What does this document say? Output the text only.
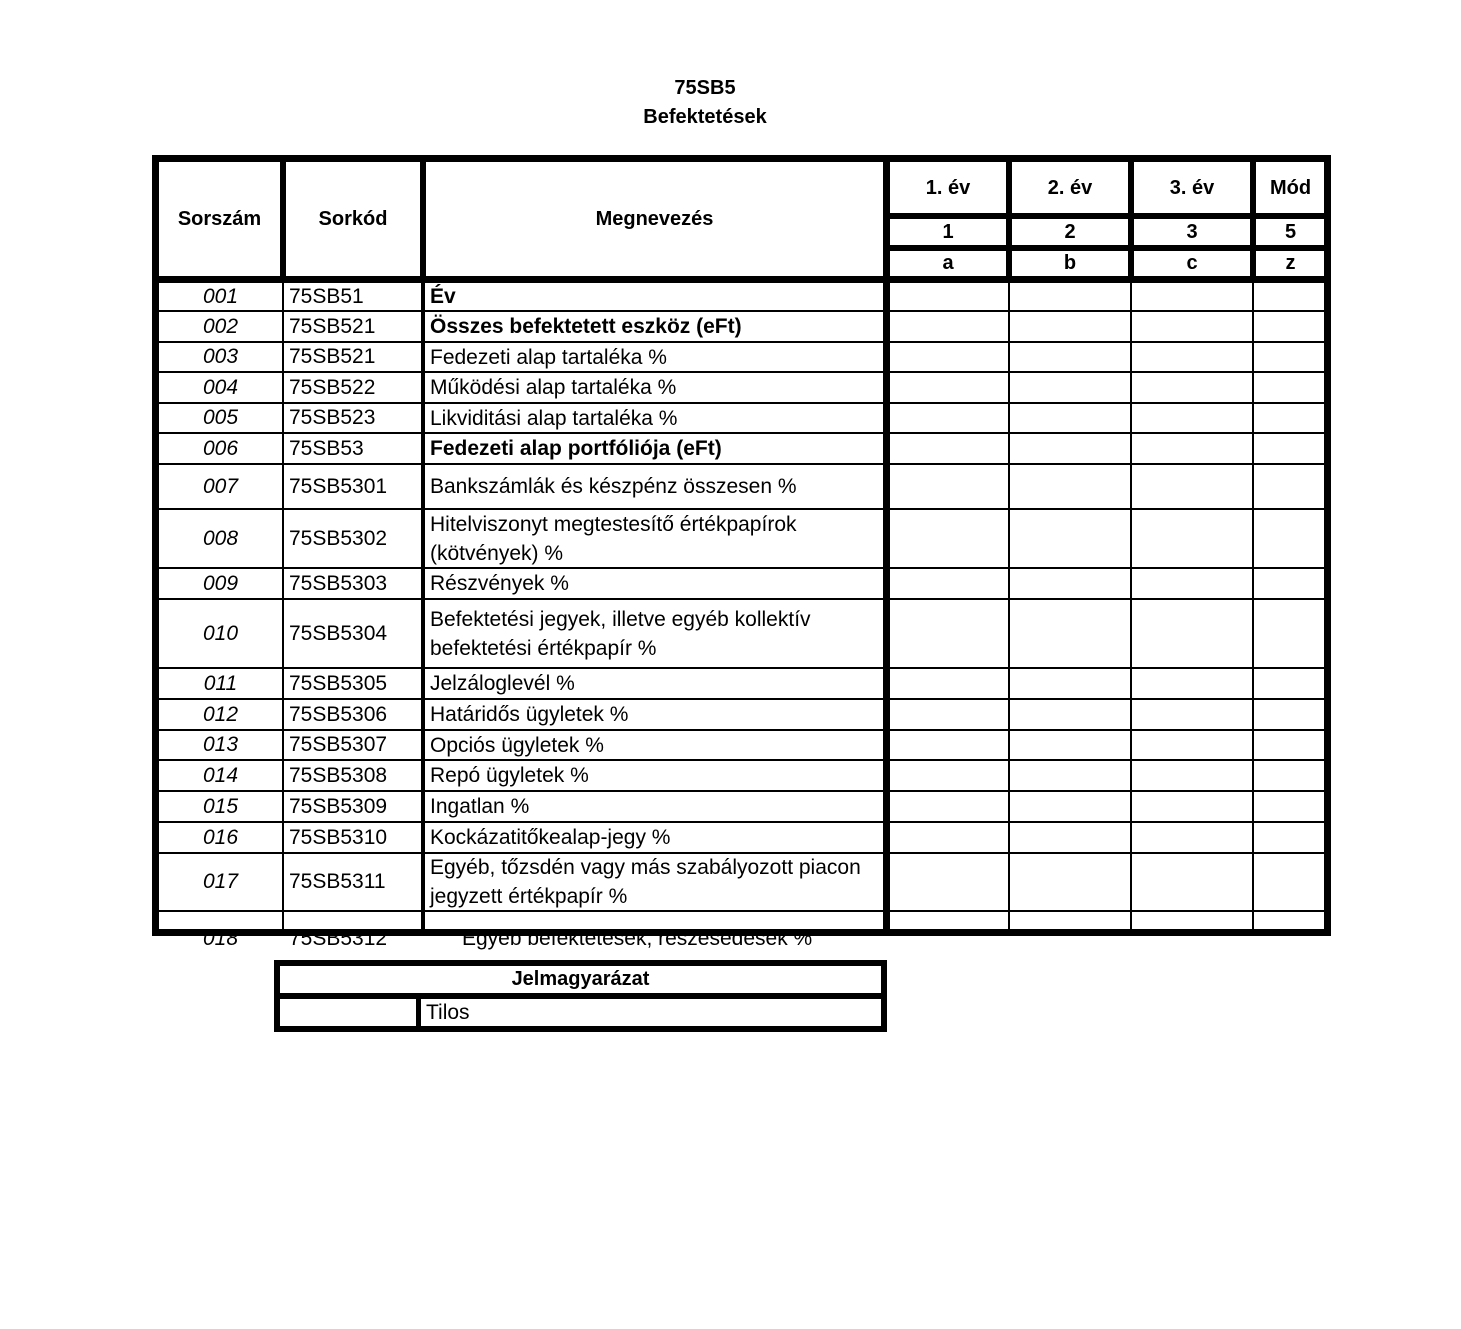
75SB5
Befektetések
Sorszám	Sorkód	Megnevezés
1. év	2. év	3. év	Mód
1	2	3	5
a	b	c	z
001	75SB51	Év
002	75SB521	Összes befektetett eszköz (eFt)
003	75SB521	Fedezeti alap tartaléka %
004	75SB522	Működési alap tartaléka %
005	75SB523	Likviditási alap tartaléka %
006	75SB53	Fedezeti alap portfóliója (eFt)
007	75SB5301	Bankszámlák és készpénz összesen %
008	75SB5302
Hitelviszonyt megtestesítő értékpapírok (kötvények) %
009	75SB5303	Részvények %
010	75SB5304
Befektetési jegyek, illetve egyéb kollektív befektetési értékpapír %
011	75SB5305	Jelzáloglevél %
012	75SB5306	Határidős ügyletek %
013	75SB5307	Opciós ügyletek %
014	75SB5308	Repó ügyletek %
015	75SB5309	Ingatlan %
016	75SB5310	Kockázatitőkealap-jegy %
017	75SB5311
Egyéb, tőzsdén vagy más szabályozott piacon jegyzett értékpapír %
018	75SB5312	Egyéb befektetések, részesedések %
Jelmagyarázat
Tilos
